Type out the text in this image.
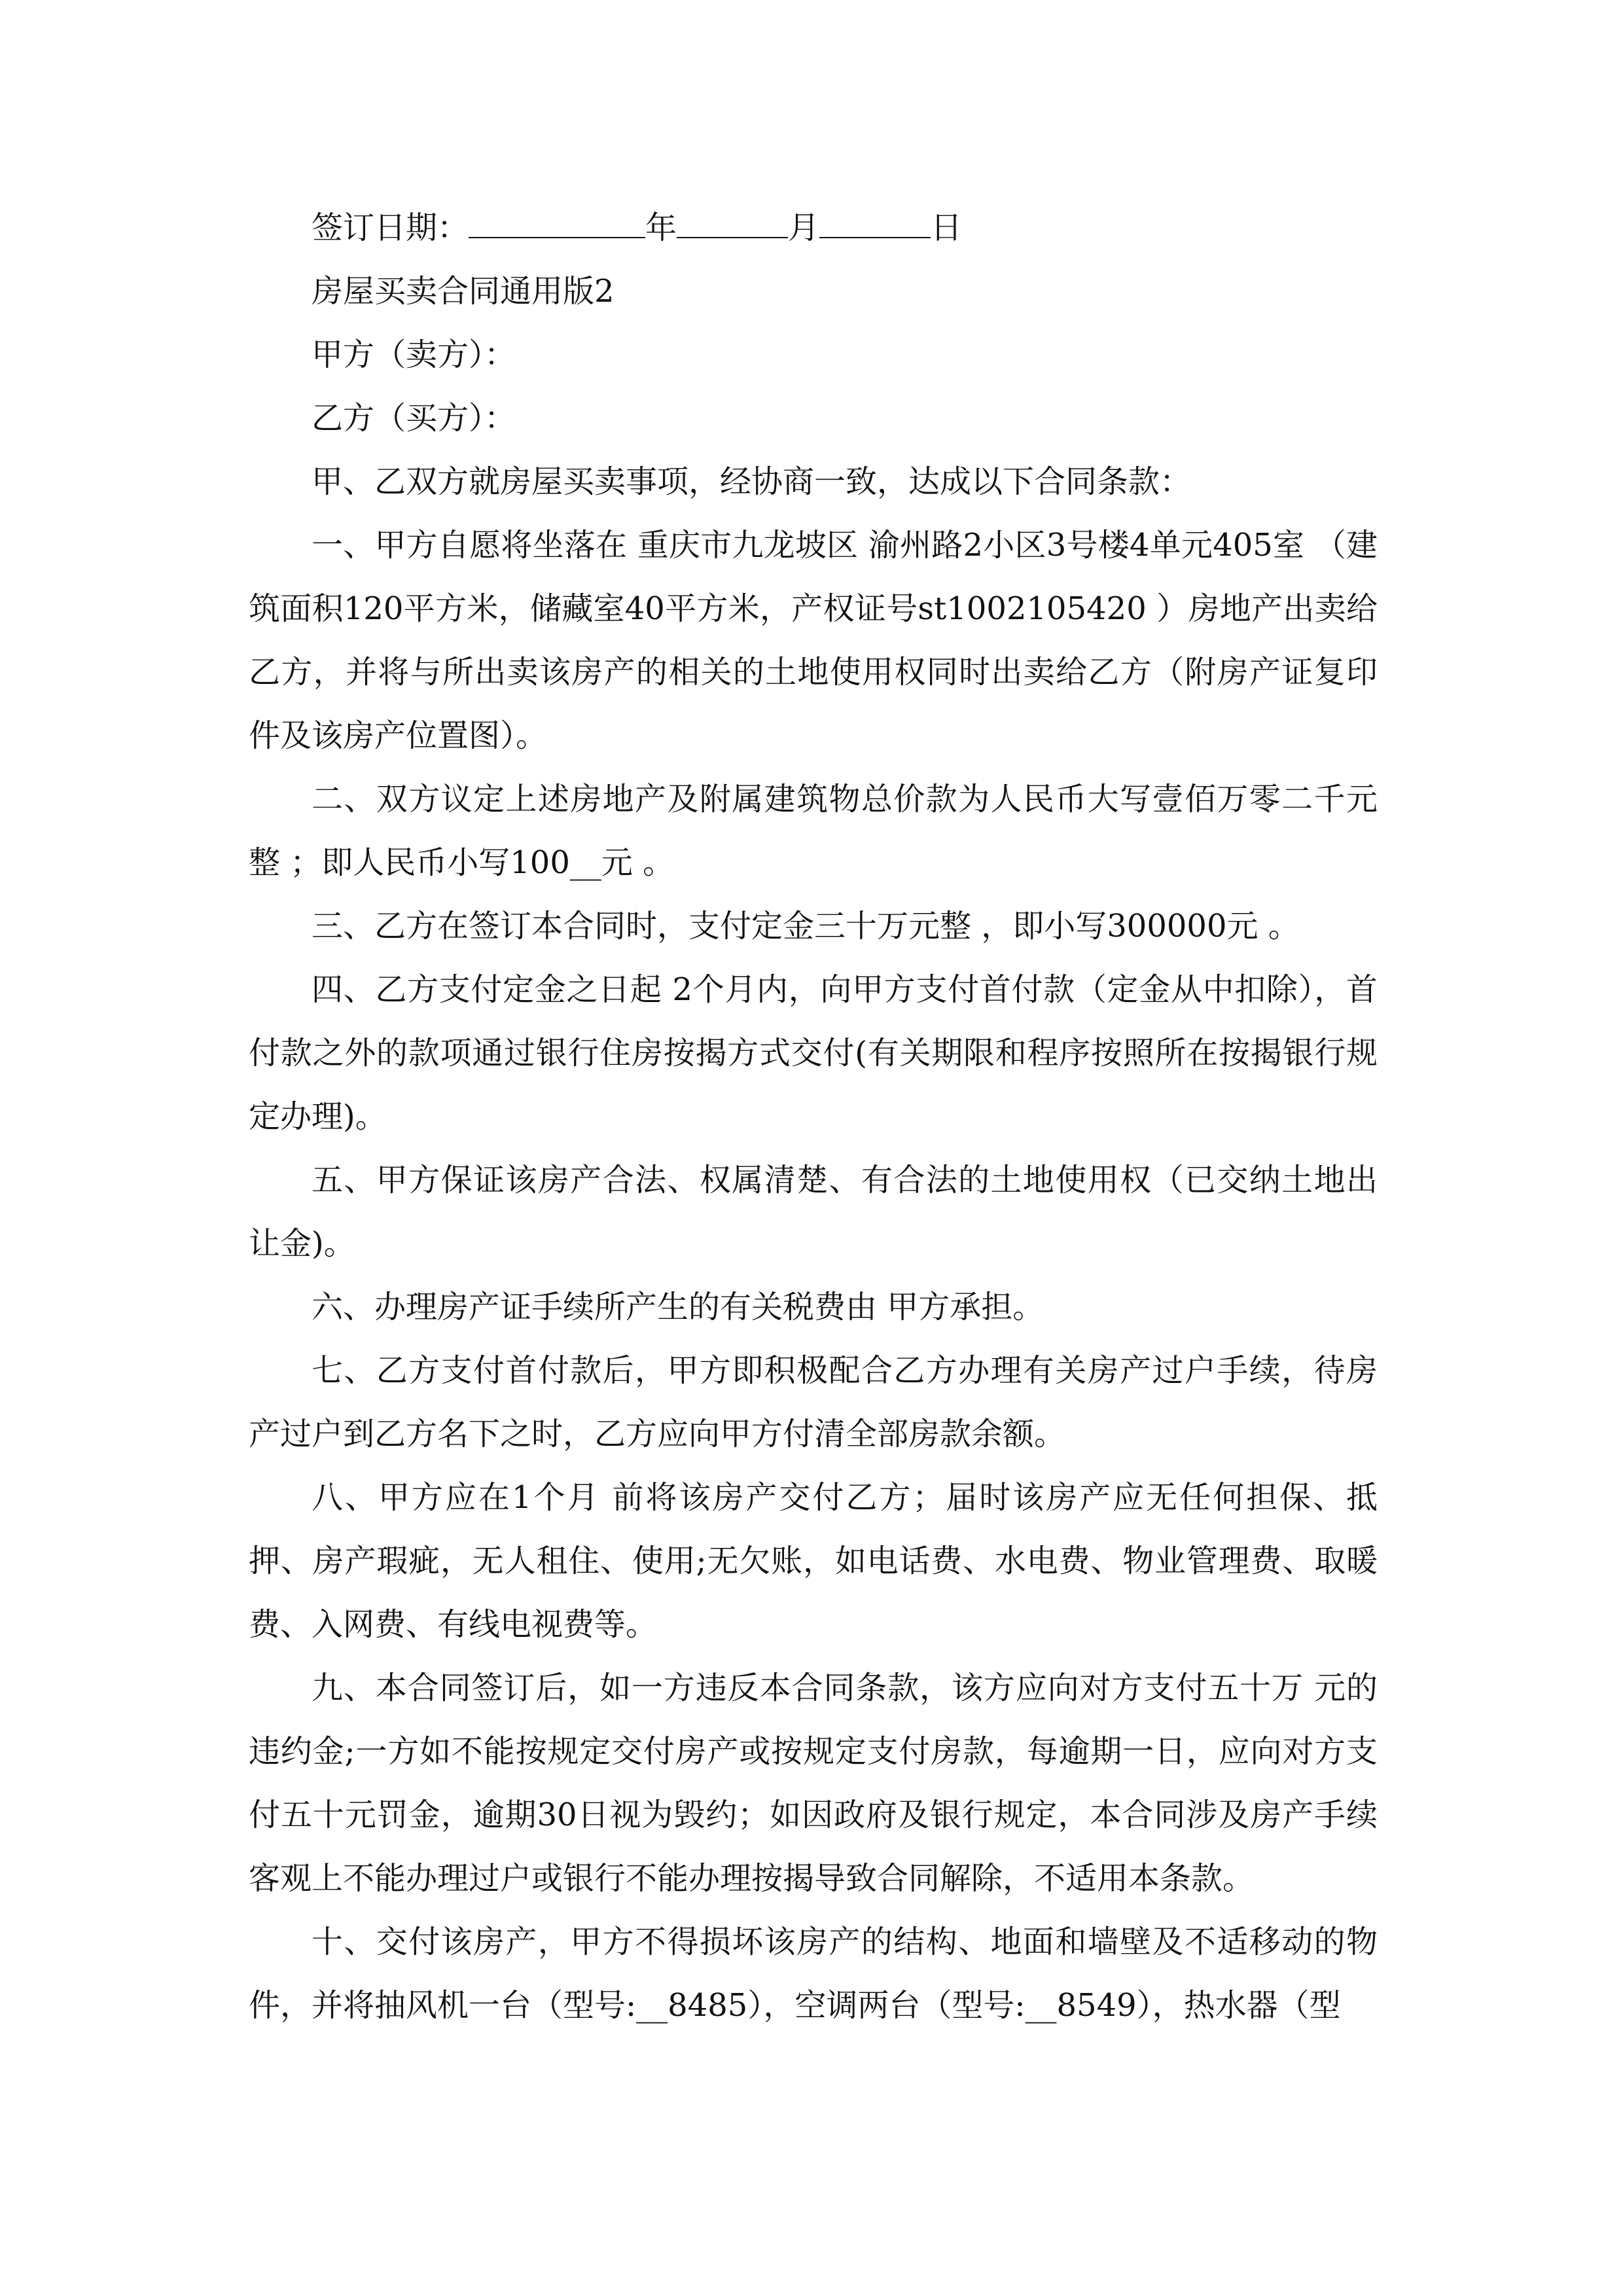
签订日期：	年	月	日

房屋买卖合同通用版2

甲方（卖方）：

乙方（买方）：

甲、乙双方就房屋买卖事项，经协商一致，达成以下合同条款：

一、甲方自愿将坐落在 重庆市九龙坡区 渝州路2小区3号楼4单元405室 （建筑面积120平方米，储藏室40平方米，产权证号st1002105420 ）房地产出卖给乙方，并将与所出卖该房产的相关的土地使用权同时出卖给乙方（附房产证复印件及该房产位置图）。

二、双方议定上述房地产及附属建筑物总价款为人民币大写壹佰万零二千元整 ；即人民币小写100__元 。

三、乙方在签订本合同时，支付定金三十万元整 ，即小写300000元 。

四、乙方支付定金之日起 2个月内，向甲方支付首付款（定金从中扣除），首付款之外的款项通过银行住房按揭方式交付(有关期限和程序按照所在按揭银行规定办理)。

五、甲方保证该房产合法、权属清楚、有合法的土地使用权（已交纳土地出让金)。

六、办理房产证手续所产生的有关税费由 甲方承担。

七、乙方支付首付款后，甲方即积极配合乙方办理有关房产过户手续，待房产过户到乙方名下之时，乙方应向甲方付清全部房款余额。

八、甲方应在1个月 前将该房产交付乙方；届时该房产应无任何担保、抵押、房产瑕疵，无人租住、使用;无欠账，如电话费、水电费、物业管理费、取暖费、入网费、有线电视费等。

九、本合同签订后，如一方违反本合同条款，该方应向对方支付五十万 元的违约金;一方如不能按规定交付房产或按规定支付房款，每逾期一日，应向对方支付五十元罚金，逾期30日视为毁约；如因政府及银行规定，本合同涉及房产手续客观上不能办理过户或银行不能办理按揭导致合同解除，不适用本条款。

十、交付该房产，甲方不得损坏该房产的结构、地面和墙壁及不适移动的物件，并将抽风机一台（型号:__8485），空调两台（型号:__8549），热水器（型
